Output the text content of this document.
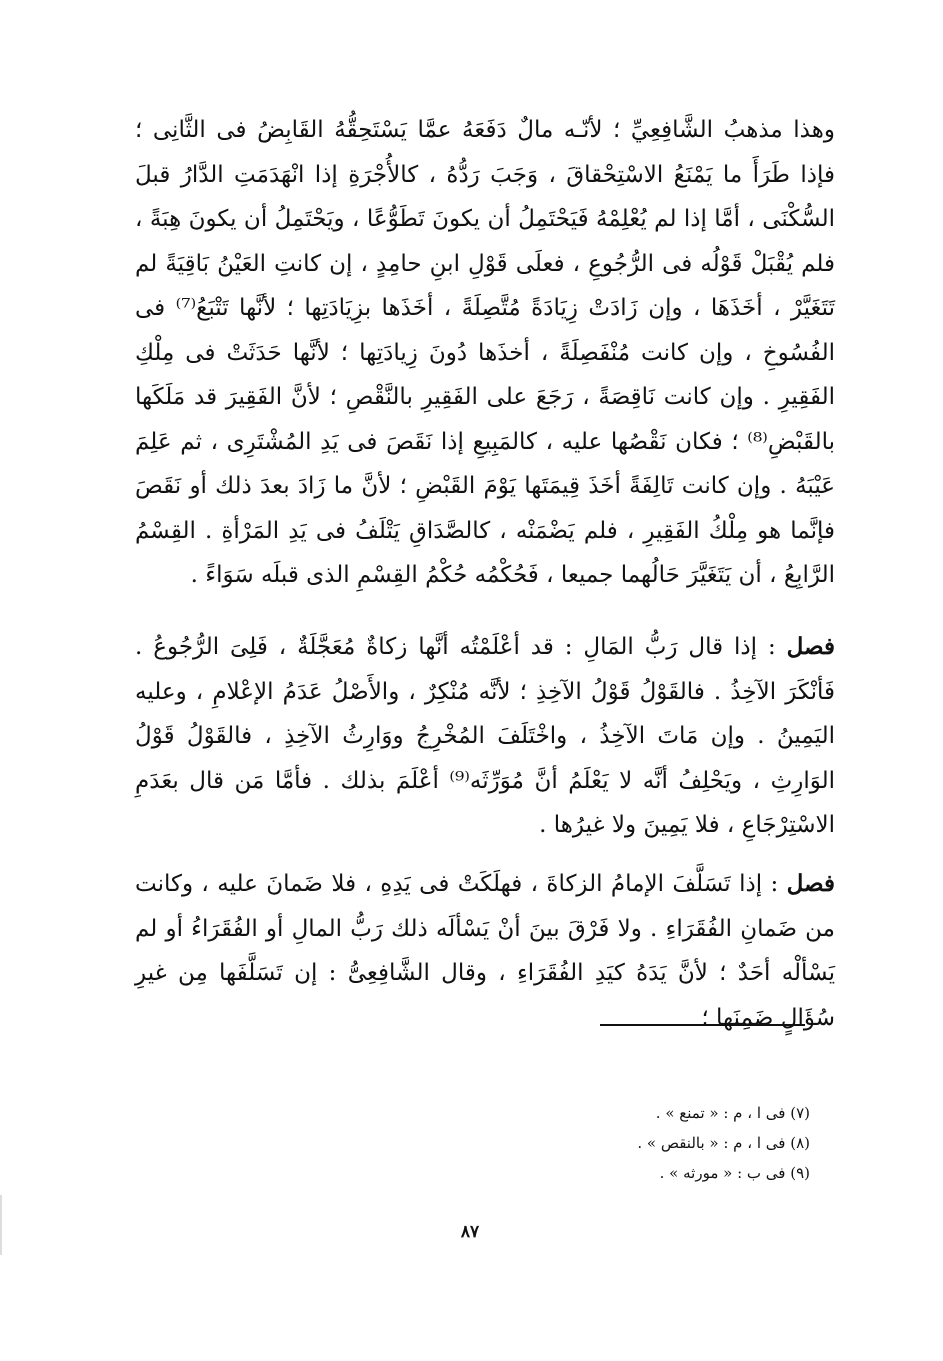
وهذا مذهبُ الشَّافِعِيِّ ؛ لأنّـه مالٌ دَفَعَهُ عمَّا يَسْتَحِقُّهُ القَابِضُ فى الثَّانِى ؛ فإذا طَرَأَ ما يَمْنَعُ الاسْتِحْقاقَ ، وَجَبَ رَدُّهُ ، كالأُجْرَةِ إذا انْهَدَمَتِ الدَّارُ قبلَ السُّكْنَى ، أمَّا إذا لم يُعْلِمْهُ فَيَحْتَمِلُ أن يكونَ تَطَوُّعًا ، ويَحْتَمِلُ أن يكونَ هِبَةً ، فلم يُقْبَلْ قَوْلُه فى الرُّجُوعِ ، فعلَى قَوْلِ ابنِ حامِدٍ ، إن كانتِ العَيْنُ بَاقِيَةً لم تَتَغَيَّرْ ، أخَذَهَا ، وإن زَادَتْ زِيَادَةً مُتَّصِلَةً ، أخَذَها بزِيَادَتِها ؛ لأنَّها تَتْبَعُ⁽⁷⁾ فى الفُسُوخِ ، وإن كانت مُنْفَصِلَةً ، أخذَها دُونَ زِيادَتِها ؛ لأنَّها حَدَثَتْ فى مِلْكِ الفَقِيرِ . وإن كانت نَاقِصَةً ، رَجَعَ على الفَقِيرِ بالنَّقْصِ ؛ لأنَّ الفَقِيرَ قد مَلَكَها بالقَبْضِ⁽⁸⁾ ؛ فكان نَقْصُها عليه ، كالمَبِيعِ إذا نَقَصَ فى يَدِ المُشْتَرِى ، ثم عَلِمَ عَيْبَهُ . وإن كانت تَالِفَةً أخَذَ قِيمَتَها يَوْمَ القَبْضِ ؛ لأنَّ ما زَادَ بعدَ ذلك أو نَقَصَ فإنَّما هو مِلْكُ الفَقِيرِ ، فلم يَضْمَنْه ، كالصَّدَاقِ يَتْلَفُ فى يَدِ المَرْأةِ . القِسْمُ الرَّابِعُ ، أن يَتَغَيَّرَ حَالُهما جميعا ، فَحُكْمُه حُكْمُ القِسْمِ الذى قبلَه سَوَاءً .
فصل : إذا قال رَبُّ المَالِ : قد أعْلَمْتُه أنَّها زكاةٌ مُعَجَّلَةٌ ، فَلِىَ الرُّجُوعُ . فَأنْكَرَ الآخِذُ . فالقَوْلُ قَوْلُ الآخِذِ ؛ لأنَّه مُنْكِرٌ ، والأَصْلُ عَدَمُ الإعْلامِ ، وعليه اليَمِينُ . وإن مَاتَ الآخِذُ ، واخْتَلَفَ المُخْرِجُ ووَارِثُ الآخِذِ ، فالقَوْلُ قَوْلُ الوَارِثِ ، ويَحْلِفُ أنَّه لا يَعْلَمُ أنَّ مُوَرِّثَه⁽⁹⁾ أعْلَمَ بذلك . فأمَّا مَن قال بعَدَمِ الاسْتِرْجَاعِ ، فلا يَمِينَ ولا غيرُها .
فصل : إذا تَسَلَّفَ الإمامُ الزكاةَ ، فهلَكَتْ فى يَدِهِ ، فلا ضَمانَ عليه ، وكانت من ضَمانِ الفُقَرَاءِ . ولا فَرْقَ بينَ أنْ يَسْألَه ذلك رَبُّ المالِ أو الفُقَرَاءُ أو لم يَسْألْه أحَدٌ ؛ لأنَّ يَدَهُ كيَدِ الفُقَرَاءِ ، وقال الشَّافِعِىُّ : إن تَسَلَّفَها مِن غيرِ سُؤَالٍ ضَمِنَها ؛
(٧) فى ا ، م : « تمنع » .
(٨) فى ا ، م : « بالنقص » .
(٩) فى ب : « مورثه » .
٨٧
